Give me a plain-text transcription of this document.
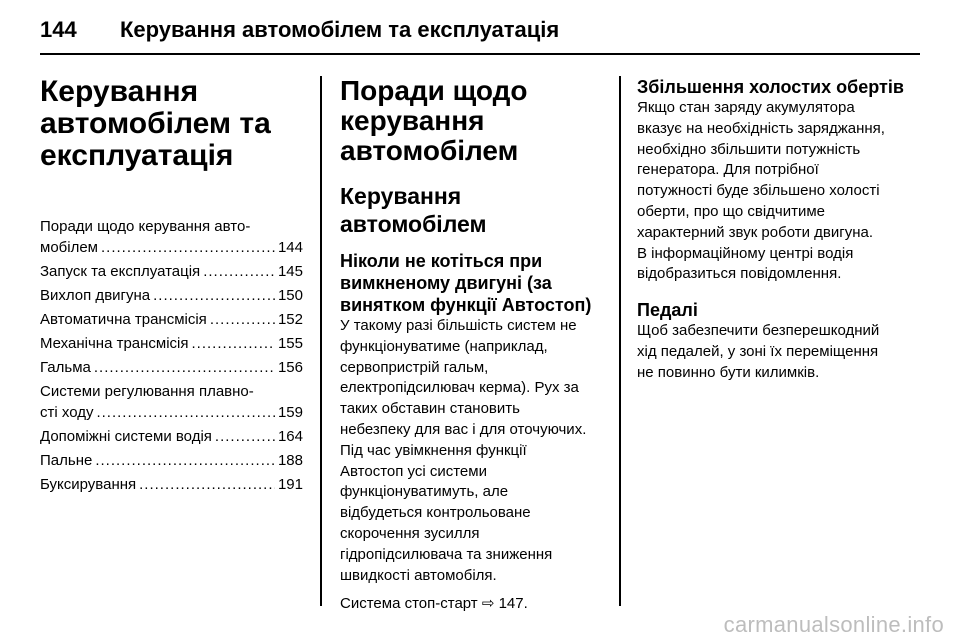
144 Керування автомобілем та експлуатація
Керування
автомобілем та
експлуатація
Поради щодо керування авто-
мобілем .....	144
Запуск та експлуатація .....	145
Вихлоп двигуна .....	150
Автоматична трансмісія .....	152
Механічна трансмісія .....	155
Гальма .....	156
Системи регулювання плавно-
сті ходу .....	159
Допоміжні системи водія .....	164
Пальне .....	188
Буксирування .....	191
Поради щодо
керування
автомобілем
Керування автомобілем
Ніколи не котіться при
вимкненому двигуні (за
винятком функції Автостоп)

У такому разі більшість систем не
функціонуватиме (наприклад,
сервопристрій гальм,
електропідсилювач керма). Рух за
таких обставин становить
небезпеку для вас і для оточуючих.
Під час увімкнення функції
Автостоп усі системи
функціонуватимуть, але
відбудеться контрольоване
скорочення зусилля
гідропідсилювача та зниження
швидкості автомобіля.

Система стоп-старт ⇨ 147.

Збільшення холостих обертів

Якщо стан заряду акумулятора
вказує на необхідність заряджання,
необхідно збільшити потужність
генератора. Для потрібної
потужності буде збільшено холості
оберти, про що свідчитиме
характерний звук роботи двигуна.
В інформаційному центрі водія
відобразиться повідомлення.

Педалі

Щоб забезпечити безперешкодний
хід педалей, у зоні їх переміщення
не повинно бути килимків.

carmanualsonline.info
